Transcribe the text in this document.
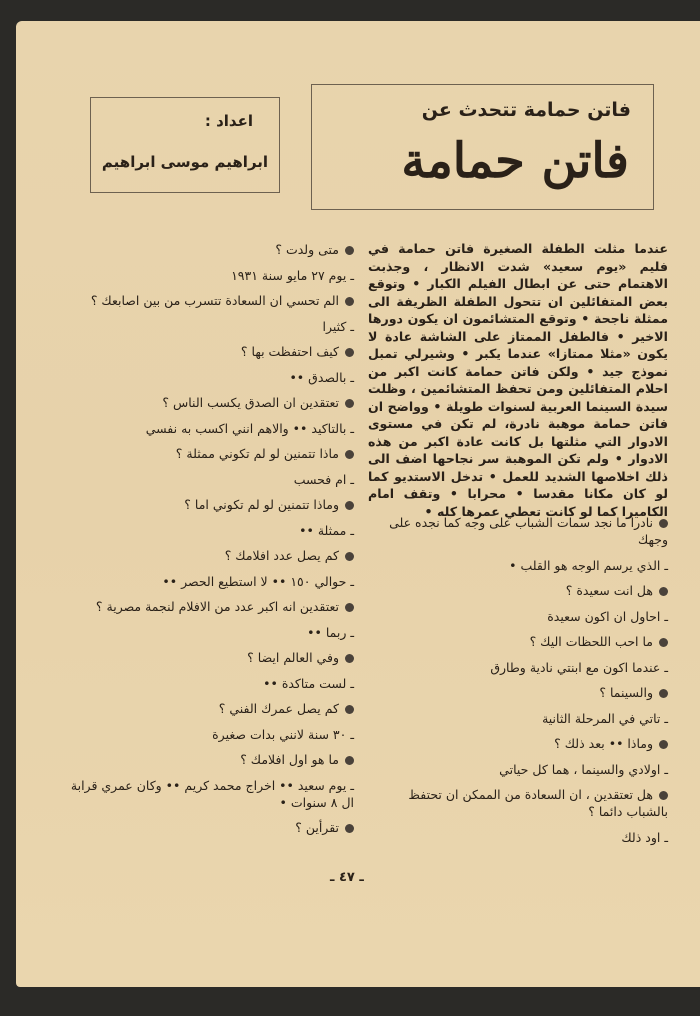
فاتن حمامة تتحدث عن
فاتن حمامة
اعداد :
ابراهيم موسى ابراهيم
عندما مثلت الطفلة الصغيرة فاتن حمامة في فليم «يوم سعيد» شدت الانظار ، وجذبت الاهتمام حتى عن ابطال الفيلم الكبار • وتوقع بعض المتفائلين ان تتحول الطفلة الظريفة الى ممثلة ناجحة • وتوقع المتشائمون ان يكون دورها الاخير • فالطفل الممتاز على الشاشة عادة لا يكون «مثلا ممتازا» عندما يكبر • وشيرلي تمبل نموذج جيد • ولكن فاتن حمامة كانت اكبر من احلام المتفائلين ومن تحفظ المتشائمين ، وظلت سيدة السينما العربية لسنوات طويلة • وواضح ان فاتن حمامة موهبة نادرة، لم تكن في مستوى الادوار التي مثلتها بل كانت عادة اكبر من هذه الادوار • ولم تكن الموهبة سر نجاحها اضف الى ذلك اخلاصها الشديد للعمل • تدخل الاستديو كما لو كان مكانا مقدسا • محرابا • وتقف امام الكاميرا كما لو كانت تعطي عمرها كله •
نادرا ما نجد سمات الشباب على وجه كما نجده على وجهك
ـ الذي يرسم الوجه هو القلب •
هل انت سعيدة ؟
ـ احاول ان اكون سعيدة
ما احب اللحظات اليك ؟
ـ عندما اكون مع ابنتي نادية وطارق
والسينما ؟
ـ تاتي في المرحلة الثانية
وماذا •• بعد ذلك ؟
ـ اولادي والسينما ، هما كل حياتي
هل تعتقدين ، ان السعادة من الممكن ان تحتفظ بالشباب دائما ؟
ـ اود ذلك
متى ولدت ؟
ـ يوم ٢٧ مايو سنة ١٩٣١
الم تحسي ان السعادة تتسرب من بين اصابعك ؟
ـ كثيرا
كيف احتفظت بها ؟
ـ بالصدق ••
تعتقدين ان الصدق يكسب الناس ؟
ـ بالتاكيد •• والاهم انني اكسب به نفسي
ماذا تتمنين لو لم تكوني ممثلة ؟
ـ ام فحسب
وماذا تتمنين لو لم تكوني اما ؟
ـ ممثلة ••
كم يصل عدد افلامك ؟
ـ حوالي ١٥٠ •• لا استطيع الحصر ••
تعتقدين انه اكبر عدد من الافلام لنجمة مصرية ؟
ـ ربما ••
وفي العالم ايضا ؟
ـ لست متاكدة ••
كم يصل عمرك الفني ؟
ـ ٣٠ سنة لانني بدات صغيرة
ما هو اول افلامك ؟
ـ يوم سعيد •• اخراج محمد كريم •• وكان عمري قرابة ال ٨ سنوات •
تقرأين ؟
ـ ٤٧ ـ
